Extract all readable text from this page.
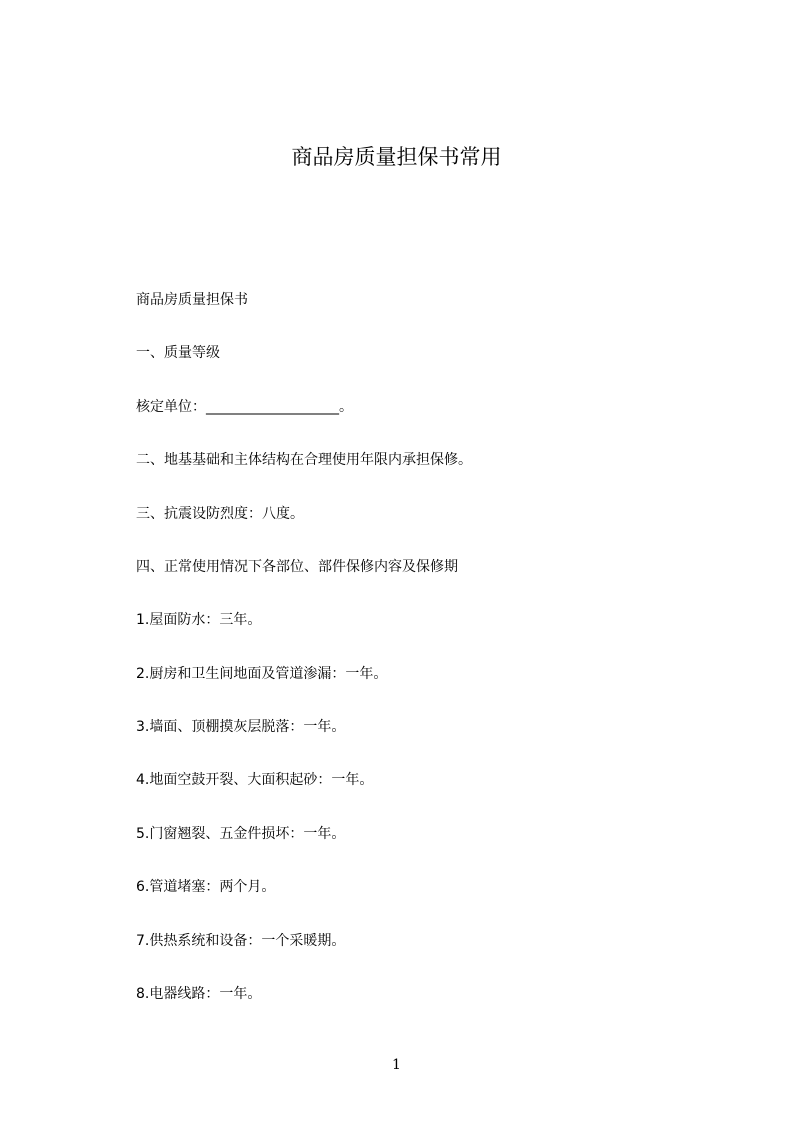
商品房质量担保书常用
商品房质量担保书
一、质量等级
核定单位：___________________。
二、地基基础和主体结构在合理使用年限内承担保修。
三、抗震设防烈度：八度。
四、正常使用情况下各部位、部件保修内容及保修期
1.屋面防水：三年。
2.厨房和卫生间地面及管道渗漏：一年。
3.墙面、顶棚摸灰层脱落：一年。
4.地面空鼓开裂、大面积起砂：一年。
5.门窗翘裂、五金件损坏：一年。
6.管道堵塞：两个月。
7.供热系统和设备：一个采暖期。
8.电器线路：一年。
1
